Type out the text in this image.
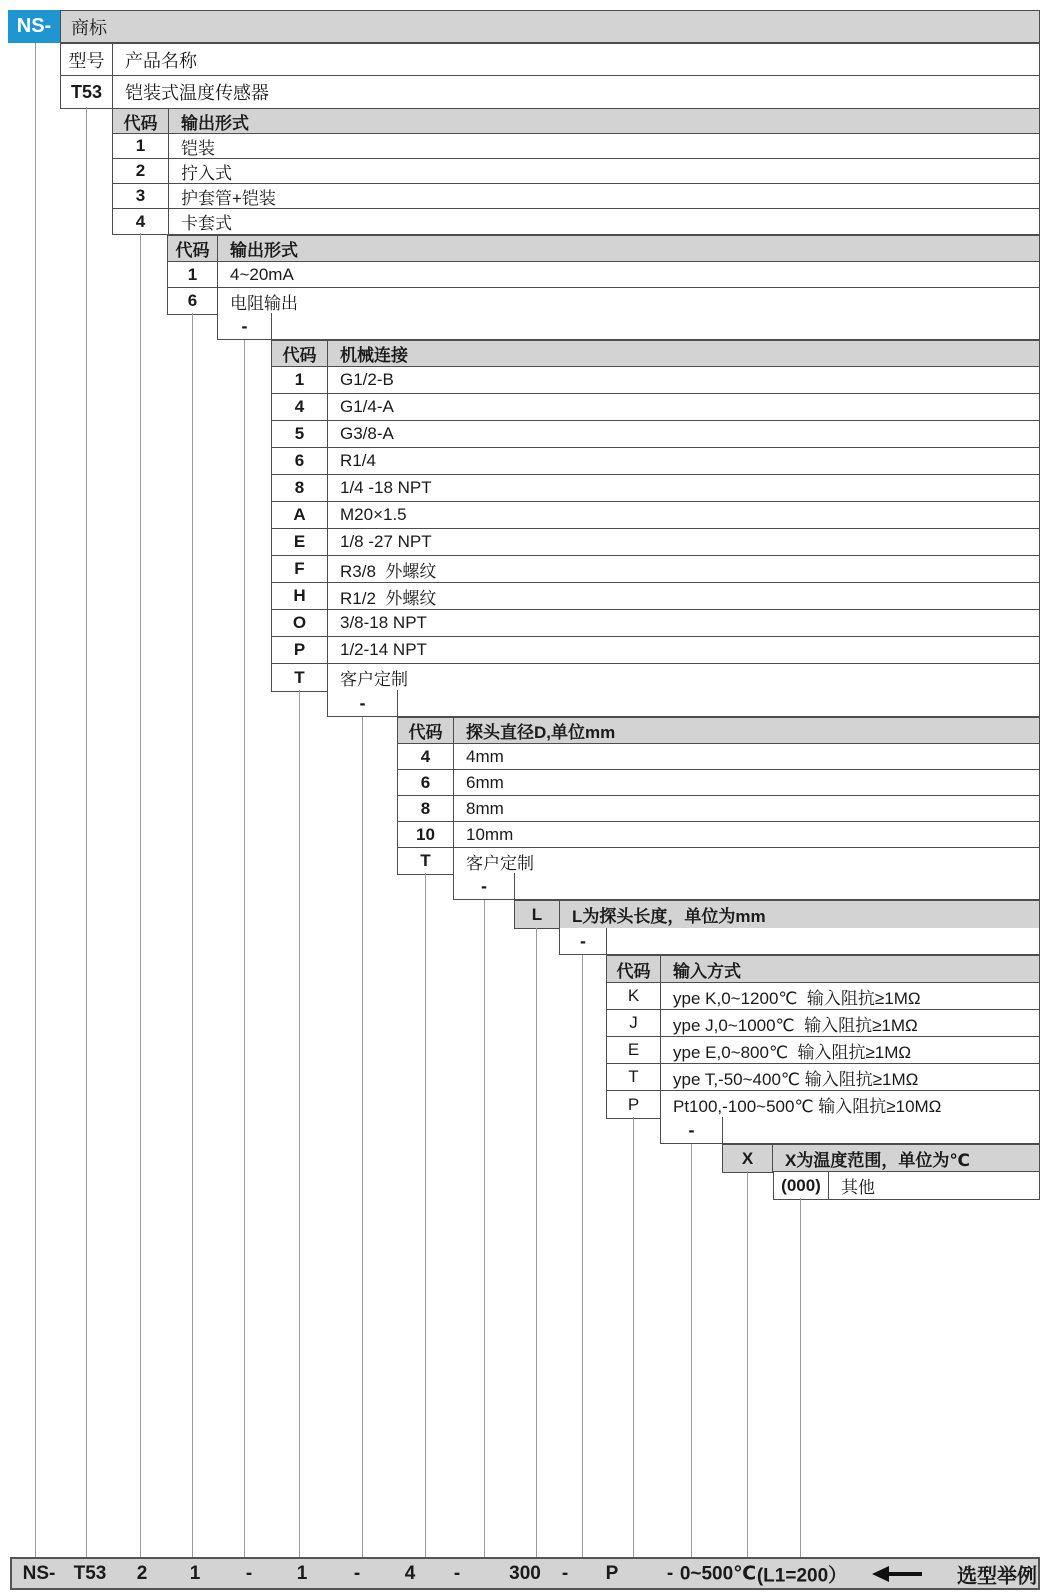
NS-	商标
型号	产品名称
T53	铠装式温度传感器
代码	输出形式
1	铠装
2	拧入式
3	护套管+铠装
4	卡套式
代码	输出形式
1	4~20mA
6	电阻输出
-
代码	机械连接
1	G1/2-B
4	G1/4-A
5	G3/8-A
6	R1/4
8	1/4 -18 NPT
A	M20×1.5
E	1/8 -27 NPT
F	R3/8  外螺纹
H	R1/2  外螺纹
O	3/8-18 NPT
P	1/2-14 NPT
T	客户定制
-
代码	探头直径D,单位mm
4	4mm
6	6mm
8	8mm
10	10mm
T	客户定制
-
L	L为探头长度，单位为mm
-
代码	输入方式
K	ype K,0~1200℃  输入阻抗≥1MΩ
J	ype J,0~1000℃  输入阻抗≥1MΩ
E	ype E,0~800℃  输入阻抗≥1MΩ
T	ype T,-50~400℃ 输入阻抗≥1MΩ
P	Pt100,-100~500℃ 输入阻抗≥10MΩ
-
X	X为温度范围，单位为℃
(000)	其他
NS- T53 2 1 - 1 - 4 -	300 - P	- 0~500℃ (L1=200）	选型举例
